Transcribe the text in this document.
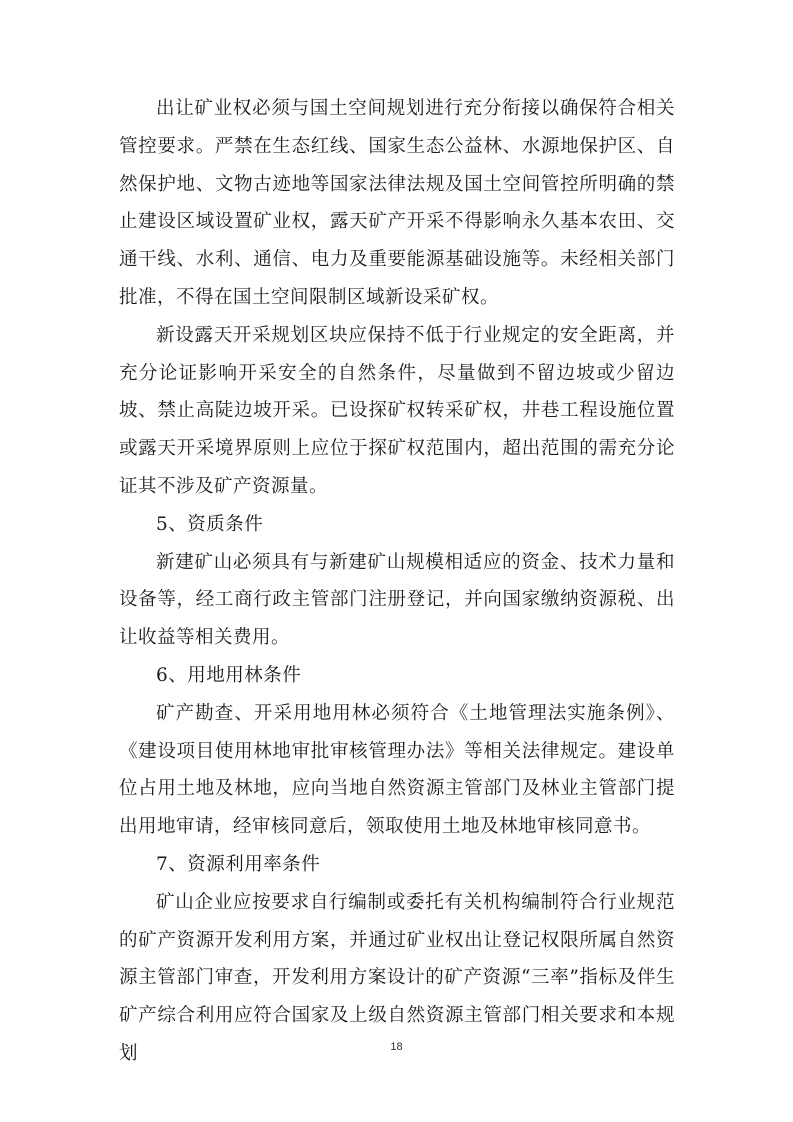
出让矿业权必须与国土空间规划进行充分衔接以确保符合相关管控要求。严禁在生态红线、国家生态公益林、水源地保护区、自然保护地、文物古迹地等国家法律法规及国土空间管控所明确的禁止建设区域设置矿业权，露天矿产开采不得影响永久基本农田、交通干线、水利、通信、电力及重要能源基础设施等。未经相关部门批准，不得在国土空间限制区域新设采矿权。

新设露天开采规划区块应保持不低于行业规定的安全距离，并充分论证影响开采安全的自然条件，尽量做到不留边坡或少留边坡、禁止高陡边坡开采。已设探矿权转采矿权，井巷工程设施位置或露天开采境界原则上应位于探矿权范围内，超出范围的需充分论证其不涉及矿产资源量。

5、资质条件

新建矿山必须具有与新建矿山规模相适应的资金、技术力量和设备等，经工商行政主管部门注册登记，并向国家缴纳资源税、出让收益等相关费用。

6、用地用林条件

矿产勘查、开采用地用林必须符合《土地管理法实施条例》、《建设项目使用林地审批审核管理办法》等相关法律规定。建设单位占用土地及林地，应向当地自然资源主管部门及林业主管部门提出用地审请，经审核同意后，领取使用土地及林地审核同意书。

7、资源利用率条件

矿山企业应按要求自行编制或委托有关机构编制符合行业规范的矿产资源开发利用方案，并通过矿业权出让登记权限所属自然资源主管部门审查，开发利用方案设计的矿产资源“三率”指标及伴生矿产综合利用应符合国家及上级自然资源主管部门相关要求和本规划	18
